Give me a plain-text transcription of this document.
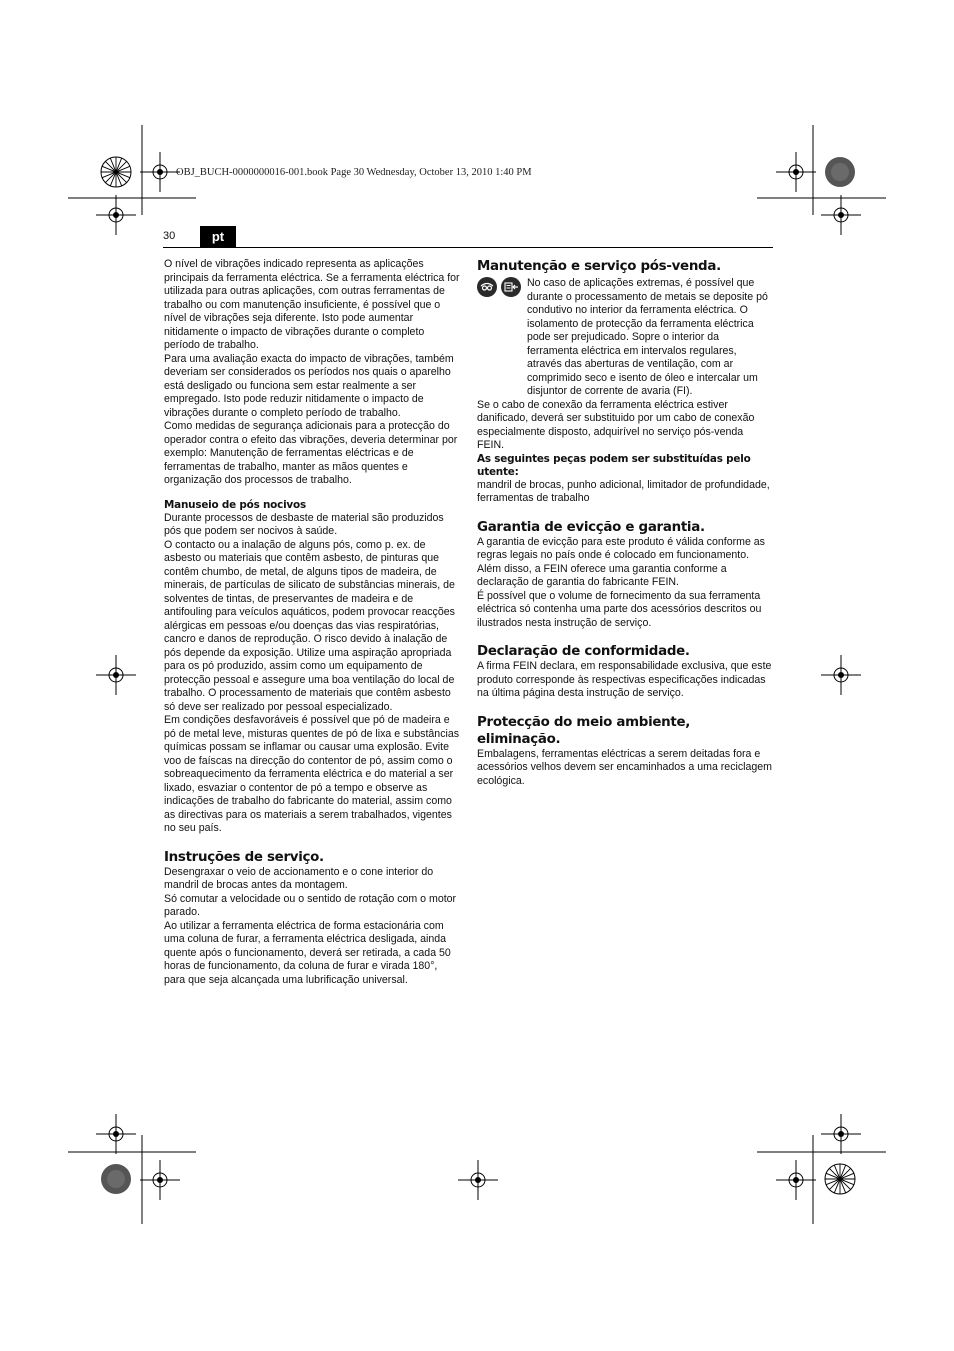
OBJ_BUCH-0000000016-001.book Page 30 Wednesday, October 13, 2010 1:40 PM
30	pt

O nível de vibrações indicado representa as aplicações principais da ferramenta eléctrica. Se a ferramenta eléctrica for utilizada para outras aplicações, com outras ferramentas de trabalho ou com manutenção insuficiente, é possível que o nível de vibrações seja diferente. Isto pode aumentar nitidamente o impacto de vibrações durante o completo período de trabalho.

Para uma avaliação exacta do impacto de vibrações, também deveriam ser considerados os períodos nos quais o aparelho está desligado ou funciona sem estar realmente a ser empregado. Isto pode reduzir nitidamente o impacto de vibrações durante o completo período de trabalho.

Como medidas de segurança adicionais para a protecção do operador contra o efeito das vibrações, deveria determinar por exemplo: Manutenção de ferramentas eléctricas e de ferramentas de trabalho, manter as mãos quentes e organização dos processos de trabalho.

Manuseio de pós nocivos

Durante processos de desbaste de material são produzidos pós que podem ser nocivos à saúde.

O contacto ou a inalação de alguns pós, como p. ex. de asbesto ou materiais que contêm asbesto, de pinturas que contêm chumbo, de metal, de alguns tipos de madeira, de minerais, de partículas de silicato de substâncias minerais, de solventes de tintas, de preservantes de madeira e de antifouling para veículos aquáticos, podem provocar reacções alérgicas em pessoas e/ou doenças das vias respiratórias, cancro e danos de reprodução. O risco devido à inalação de pós depende da exposição. Utilize uma aspiração apropriada para os pó produzido, assim como um equipamento de protecção pessoal e assegure uma boa ventilação do local de trabalho. O processamento de materiais que contêm asbesto só deve ser realizado por pessoal especializado.

Em condições desfavoráveis é possível que pó de madeira e pó de metal leve, misturas quentes de pó de lixa e substâncias químicas possam se inflamar ou causar uma explosão. Evite voo de faíscas na direcção do contentor de pó, assim como o sobreaquecimento da ferramenta eléctrica e do material a ser lixado, esvaziar o contentor de pó a tempo e observe as indicações de trabalho do fabricante do material, assim como as directivas para os materiais a serem trabalhados, vigentes no seu país.

Instruções de serviço.

Desengraxar o veio de accionamento e o cone interior do mandril de brocas antes da montagem.

Só comutar a velocidade ou o sentido de rotação com o motor parado.

Ao utilizar a ferramenta eléctrica de forma estacionária com uma coluna de furar, a ferramenta eléctrica desligada, ainda quente após o funcionamento, deverá ser retirada, a cada 50 horas de funcionamento, da coluna de furar e virada 180°, para que seja alcançada uma lubrificação universal.

Manutenção e serviço pós-venda.

No caso de aplicações extremas, é possível que durante o processamento de metais se deposite pó condutivo no interior da ferramenta eléctrica. O isolamento de protecção da ferramenta eléctrica pode ser prejudicado. Sopre o interior da ferramenta eléctrica em intervalos regulares, através das aberturas de ventilação, com ar comprimido seco e isento de óleo e intercalar um disjuntor de corrente de avaria (FI).

Se o cabo de conexão da ferramenta eléctrica estiver danificado, deverá ser substituido por um cabo de conexão especialmente disposto, adquirível no serviço pós-venda FEIN.

As seguintes peças podem ser substituídas pelo utente:

mandril de brocas, punho adicional, limitador de profundidade, ferramentas de trabalho

Garantia de evicção e garantia.

A garantia de evicção para este produto é válida conforme as regras legais no país onde é colocado em funcionamento. Além disso, a FEIN oferece uma garantia conforme a declaração de garantia do fabricante FEIN.

É possível que o volume de fornecimento da sua ferramenta eléctrica só contenha uma parte dos acessórios descritos ou ilustrados nesta instrução de serviço.

Declaração de conformidade.

A firma FEIN declara, em responsabilidade exclusiva, que este produto corresponde às respectivas especificações indicadas na última página desta instrução de serviço.

Protecção do meio ambiente, eliminação.

Embalagens, ferramentas eléctricas a serem deitadas fora e acessórios velhos devem ser encaminhados a uma reciclagem ecológica.
